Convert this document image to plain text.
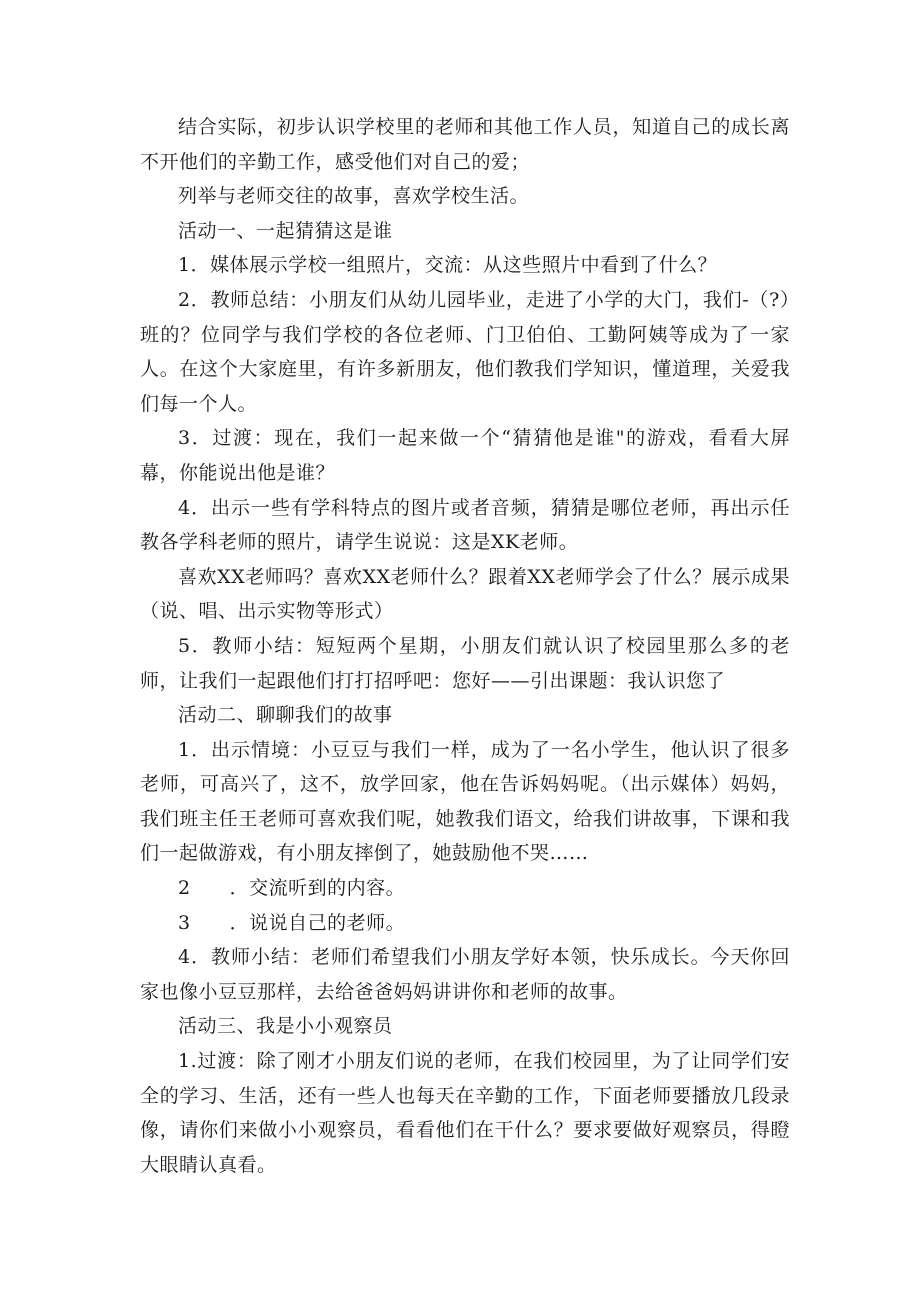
结合实际，初步认识学校里的老师和其他工作人员，知道自己的成长离不开他们的辛勤工作，感受他们对自己的爱；

列举与老师交往的故事，喜欢学校生活。

活动一、一起猜猜这是谁

1．媒体展示学校一组照片，交流：从这些照片中看到了什么？

2．教师总结：小朋友们从幼儿园毕业，走进了小学的大门，我们-（?）班的？位同学与我们学校的各位老师、门卫伯伯、工勤阿姨等成为了一家人。在这个大家庭里，有许多新朋友，他们教我们学知识，懂道理，关爱我们每一个人。

3．过渡：现在，我们一起来做一个“猜猜他是谁"的游戏，看看大屏幕，你能说出他是谁？

4．出示一些有学科特点的图片或者音频，猜猜是哪位老师，再出示任教各学科老师的照片，请学生说说：这是XK老师。

喜欢XX老师吗？喜欢XX老师什么？跟着XX老师学会了什么？展示成果（说、唱、出示实物等形式）

5．教师小结：短短两个星期，小朋友们就认识了校园里那么多的老师，让我们一起跟他们打打招呼吧：您好——引出课题：我认识您了

活动二、聊聊我们的故事

1．出示情境：小豆豆与我们一样，成为了一名小学生，他认识了很多老师，可高兴了，这不，放学回家，他在告诉妈妈呢。（出示媒体）妈妈，我们班主任王老师可喜欢我们呢，她教我们语文，给我们讲故事，下课和我们一起做游戏，有小朋友摔倒了，她鼓励他不哭……

2　　．交流听到的内容。

3　　．说说自己的老师。

4．教师小结：老师们希望我们小朋友学好本领，快乐成长。今天你回家也像小豆豆那样，去给爸爸妈妈讲讲你和老师的故事。

活动三、我是小小观察员

1.过渡：除了刚才小朋友们说的老师，在我们校园里，为了让同学们安全的学习、生活，还有一些人也每天在辛勤的工作，下面老师要播放几段录像，请你们来做小小观察员，看看他们在干什么？要求要做好观察员，得瞪大眼睛认真看。
